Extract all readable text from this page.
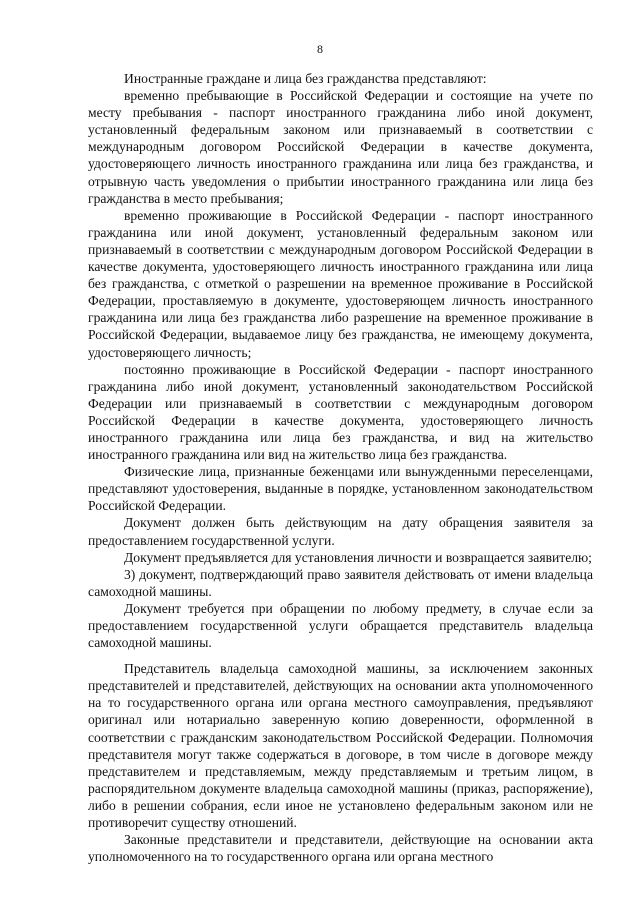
8

Иностранные граждане и лица без гражданства представляют:

временно пребывающие в Российской Федерации и состоящие на учете по месту пребывания - паспорт иностранного гражданина либо иной документ, установленный федеральным законом или признаваемый в соответствии с международным договором Российской Федерации в качестве документа, удостоверяющего личность иностранного гражданина или лица без гражданства, и отрывную часть уведомления о прибытии иностранного гражданина или лица без гражданства в место пребывания;

временно проживающие в Российской Федерации - паспорт иностранного гражданина или иной документ, установленный федеральным законом или признаваемый в соответствии с международным договором Российской Федерации в качестве документа, удостоверяющего личность иностранного гражданина или лица без гражданства, с отметкой о разрешении на временное проживание в Российской Федерации, проставляемую в документе, удостоверяющем личность иностранного гражданина или лица без гражданства либо разрешение на временное проживание в Российской Федерации, выдаваемое лицу без гражданства, не имеющему документа, удостоверяющего личность;

постоянно проживающие в Российской Федерации - паспорт иностранного гражданина либо иной документ, установленный законодательством Российской Федерации или признаваемый в соответствии с международным договором Российской Федерации в качестве документа, удостоверяющего личность иностранного гражданина или лица без гражданства, и вид на жительство иностранного гражданина или вид на жительство лица без гражданства.

Физические лица, признанные беженцами или вынужденными переселенцами, представляют удостоверения, выданные в порядке, установленном законодательством Российской Федерации.

Документ должен быть действующим на дату обращения заявителя за предоставлением государственной услуги.

Документ предъявляется для установления личности и возвращается заявителю;

3) документ, подтверждающий право заявителя действовать от имени владельца самоходной машины.

Документ требуется при обращении по любому предмету, в случае если за предоставлением государственной услуги обращается представитель владельца самоходной машины.

Представитель владельца самоходной машины, за исключением законных представителей и представителей, действующих на основании акта уполномоченного на то государственного органа или органа местного самоуправления, предъявляют оригинал или нотариально заверенную копию доверенности, оформленной в соответствии с гражданским законодательством Российской Федерации. Полномочия представителя могут также содержаться в договоре, в том числе в договоре между представителем и представляемым, между представляемым и третьим лицом, в распорядительном документе владельца самоходной машины (приказ, распоряжение), либо в решении собрания, если иное не установлено федеральным законом или не противоречит существу отношений.

Законные представители и представители, действующие на основании акта уполномоченного на то государственного органа или органа местного
